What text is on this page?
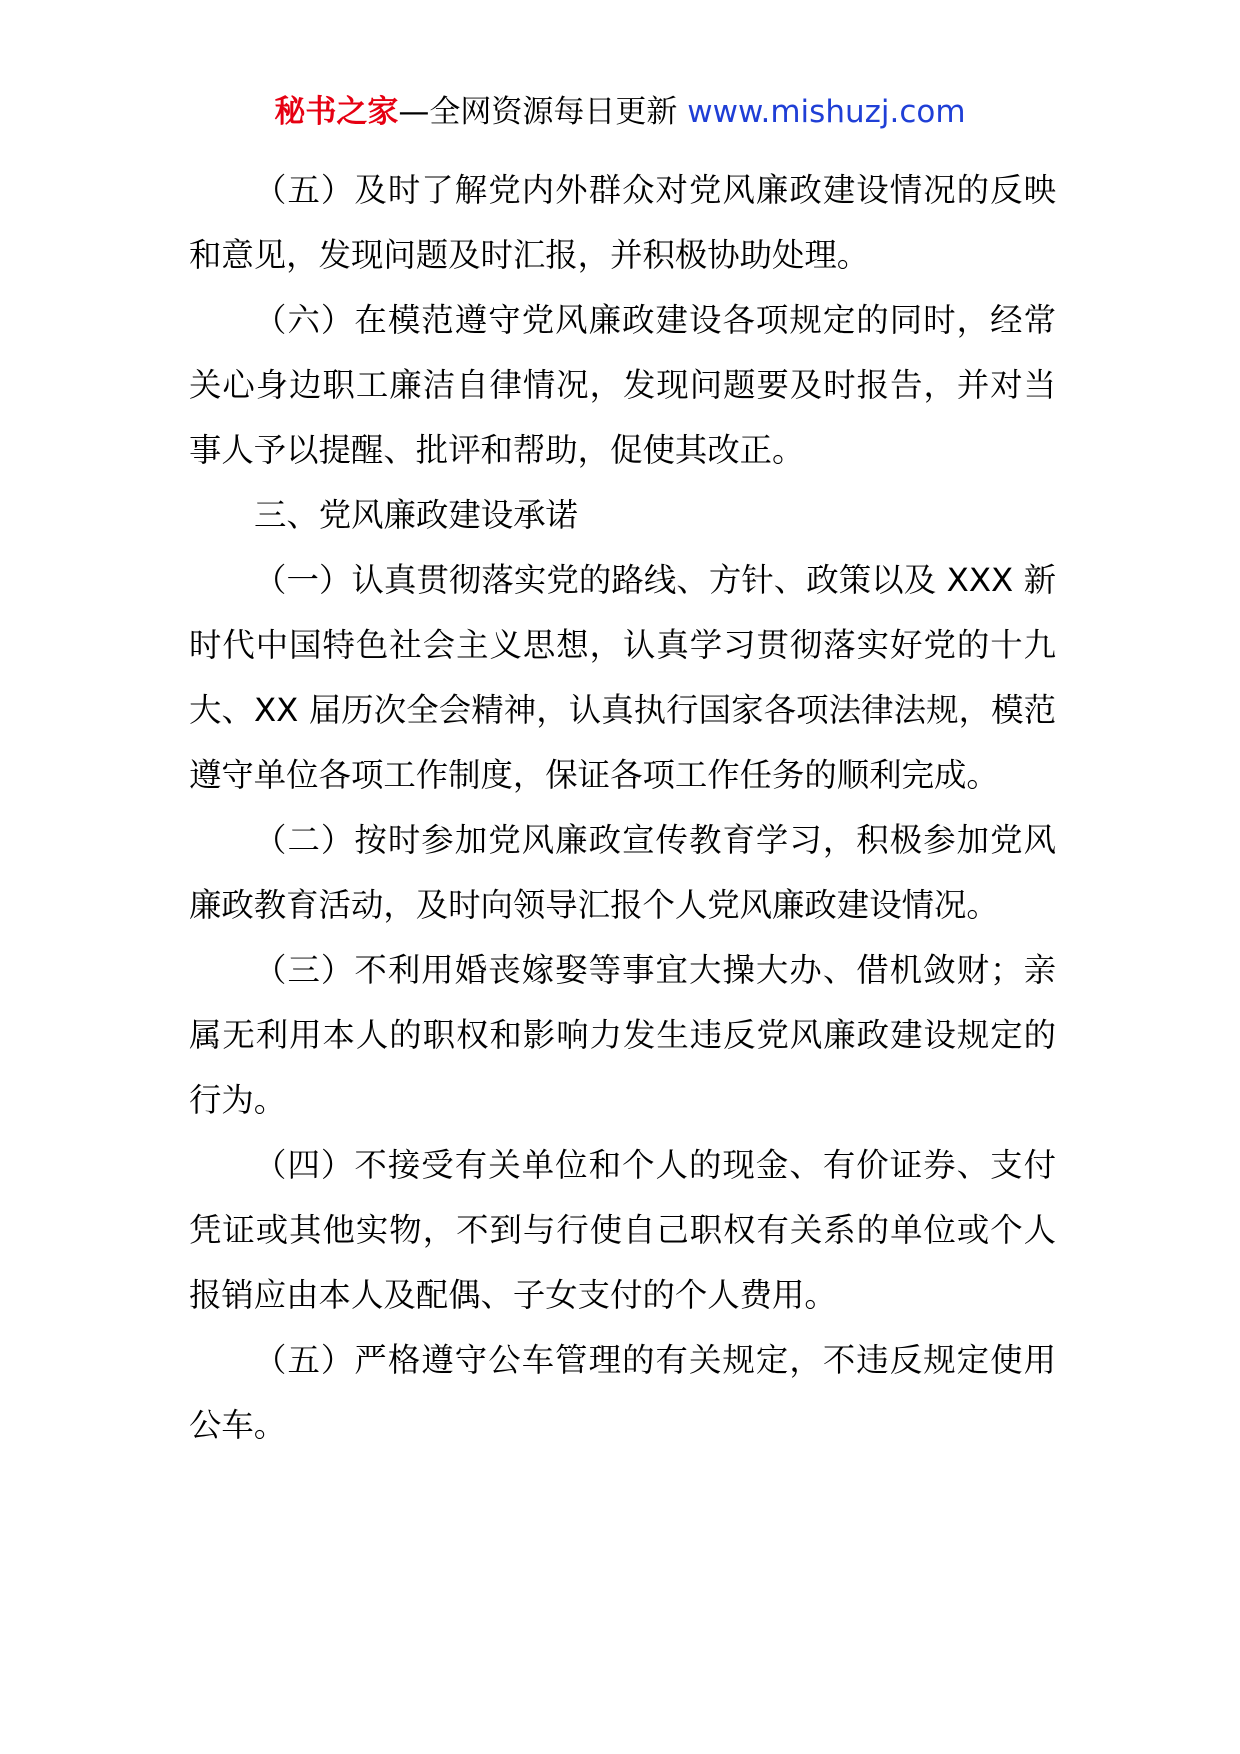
秘书之家—全网资源每日更新 www.mishuzj.com

（五）及时了解党内外群众对党风廉政建设情况的反映和意见，发现问题及时汇报，并积极协助处理。

（六）在模范遵守党风廉政建设各项规定的同时，经常关心身边职工廉洁自律情况，发现问题要及时报告，并对当事人予以提醒、批评和帮助，促使其改正。

三、党风廉政建设承诺

（一）认真贯彻落实党的路线、方针、政策以及 XXX 新时代中国特色社会主义思想，认真学习贯彻落实好党的十九大、XX 届历次全会精神，认真执行国家各项法律法规，模范遵守单位各项工作制度，保证各项工作任务的顺利完成。

（二）按时参加党风廉政宣传教育学习，积极参加党风廉政教育活动，及时向领导汇报个人党风廉政建设情况。

（三）不利用婚丧嫁娶等事宜大操大办、借机敛财；亲属无利用本人的职权和影响力发生违反党风廉政建设规定的行为。

（四）不接受有关单位和个人的现金、有价证券、支付凭证或其他实物，不到与行使自己职权有关系的单位或个人报销应由本人及配偶、子女支付的个人费用。

（五）严格遵守公车管理的有关规定，不违反规定使用公车。
